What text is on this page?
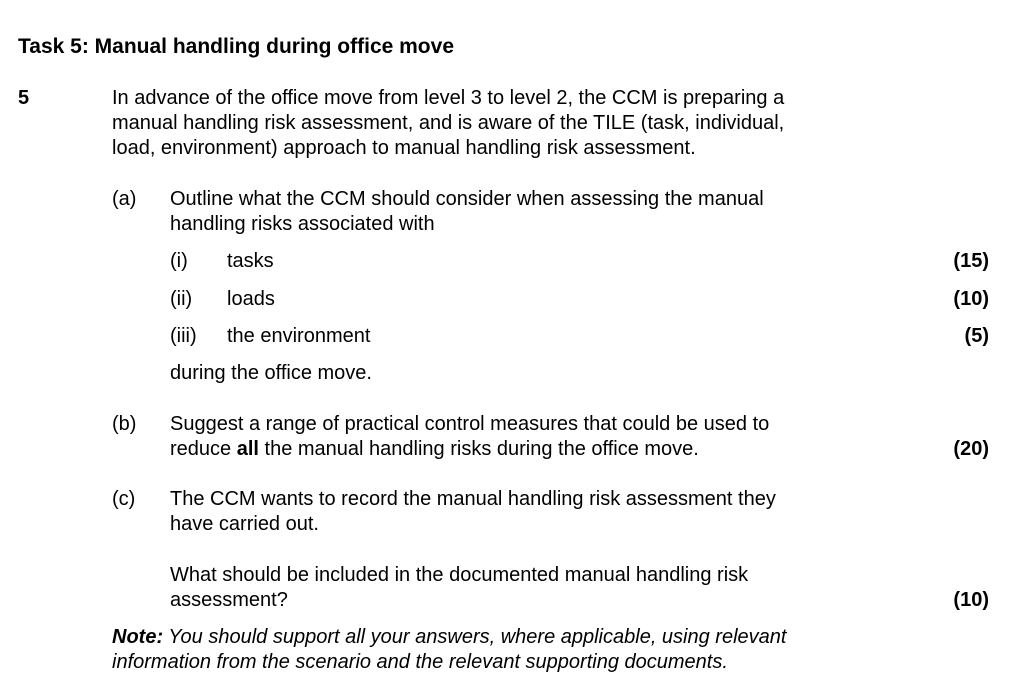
Task 5: Manual handling during office move
5	In advance of the office move from level 3 to level 2, the CCM is preparing a
manual handling risk assessment, and is aware of the TILE (task, individual,
load, environment) approach to manual handling risk assessment.
(a) Outline what the CCM should consider when assessing the manual
handling risks associated with
(i) tasks	(15)
(ii) loads	(10)
(iii) the environment	(5)
during the office move.
(b) Suggest a range of practical control measures that could be used to
reduce all the manual handling risks during the office move.	(20)
(c) The CCM wants to record the manual handling risk assessment they
have carried out.
What should be included in the documented manual handling risk
assessment?	(10)
Note: You should support all your answers, where applicable, using relevant
information from the scenario and the relevant supporting documents.
